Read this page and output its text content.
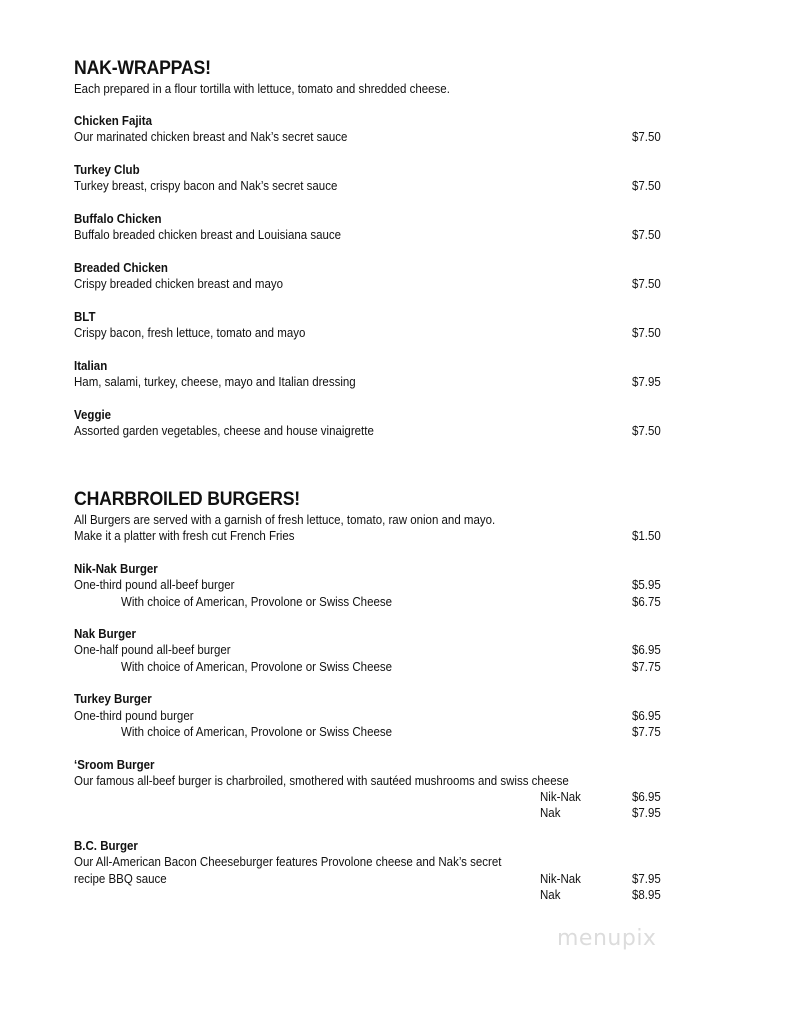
NAK-WRAPPAS!
Each prepared in a flour tortilla with lettuce, tomato and shredded cheese.
Chicken Fajita
Our marinated chicken breast and Nak’s secret sauce	$7.50
Turkey Club
Turkey breast, crispy bacon and Nak’s secret sauce	$7.50
Buffalo Chicken
Buffalo breaded chicken breast and Louisiana sauce	$7.50
Breaded Chicken
Crispy breaded chicken breast and mayo	$7.50
BLT
Crispy bacon, fresh lettuce, tomato and mayo	$7.50
Italian
Ham, salami, turkey, cheese, mayo and Italian dressing	$7.95
Veggie
Assorted garden vegetables, cheese and house vinaigrette	$7.50
CHARBROILED BURGERS!
All Burgers are served with a garnish of fresh lettuce, tomato, raw onion and mayo.
Make it a platter with fresh cut French Fries	$1.50
Nik-Nak Burger
One-third pound all-beef burger	$5.95
With choice of American, Provolone or Swiss Cheese	$6.75
Nak Burger
One-half pound all-beef burger	$6.95
With choice of American, Provolone or Swiss Cheese	$7.75
Turkey Burger
One-third pound burger	$6.95
With choice of American, Provolone or Swiss Cheese	$7.75
‘Sroom Burger
Our famous all-beef burger is charbroiled, smothered with sautéed mushrooms and swiss cheese
Nik-Nak	$6.95
Nak	$7.95
B.C. Burger
Our All-American Bacon Cheeseburger features Provolone cheese and Nak’s secret
recipe BBQ sauce	Nik-Nak	$7.95
Nak	$8.95
menupix
